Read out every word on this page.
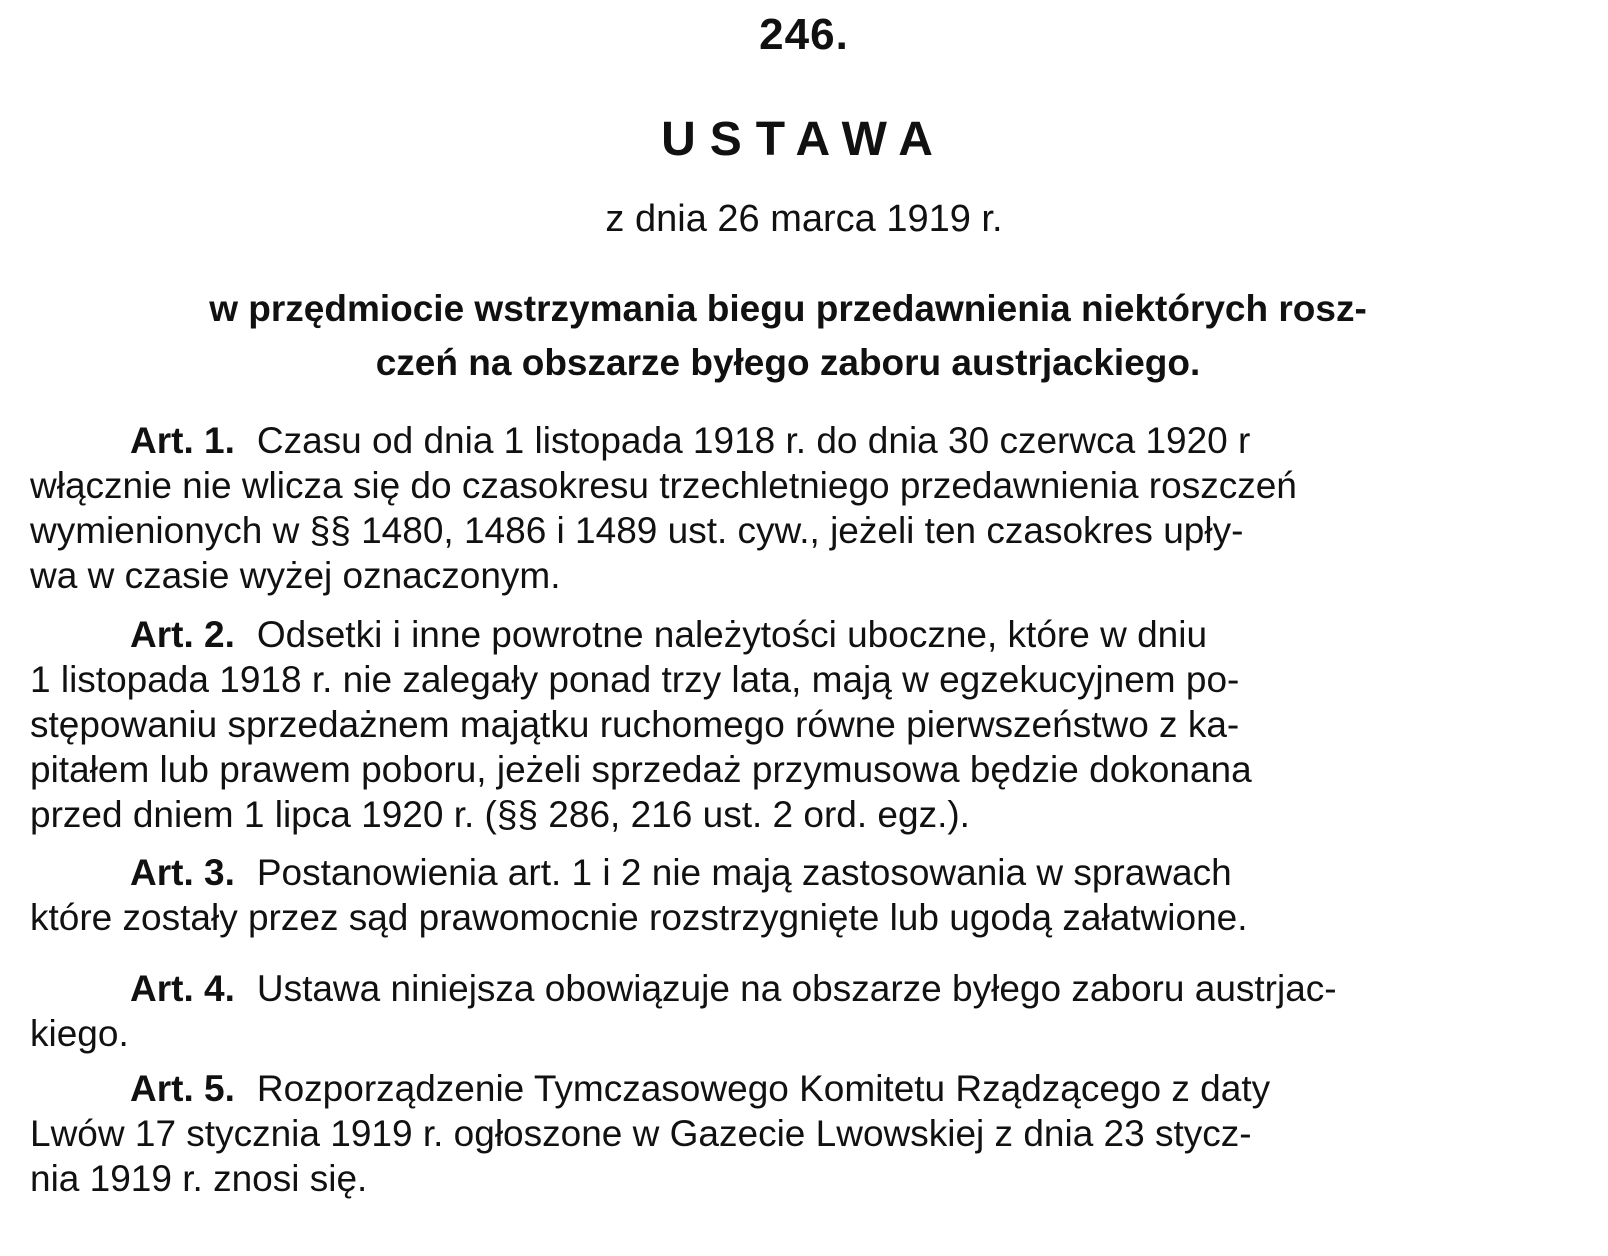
246.
USTAWA
z dnia 26 marca 1919 r.
w przędmiocie wstrzymania biegu przedawnienia niektórych rosz-
czeń na obszarze byłego zaboru austrjackiego.
Art. 1. Czasu od dnia 1 listopada 1918 r. do dnia 30 czerwca 1920 r
włącznie nie wlicza się do czasokresu trzechletniego przedawnienia roszczeń
wymienionych w §§ 1480, 1486 i 1489 ust. cyw., jeżeli ten czasokres upły-
wa w czasie wyżej oznaczonym.
Art. 2. Odsetki i inne powrotne należytości uboczne, które w dniu
1 listopada 1918 r. nie zalegały ponad trzy lata, mają w egzekucyjnem po-
stępowaniu sprzedażnem majątku ruchomego równe pierwszeństwo z ka-
pitałem lub prawem poboru, jeżeli sprzedaż przymusowa będzie dokonana
przed dniem 1 lipca 1920 r. (§§ 286, 216 ust. 2 ord. egz.).
Art. 3. Postanowienia art. 1 i 2 nie mają zastosowania w sprawach
które zostały przez sąd prawomocnie rozstrzygnięte lub ugodą załatwione.
Art. 4. Ustawa niniejsza obowiązuje na obszarze byłego zaboru austrjac-
kiego.
Art. 5. Rozporządzenie Tymczasowego Komitetu Rządzącego z daty
Lwów 17 stycznia 1919 r. ogłoszone w Gazecie Lwowskiej z dnia 23 stycz-
nia 1919 r. znosi się.
